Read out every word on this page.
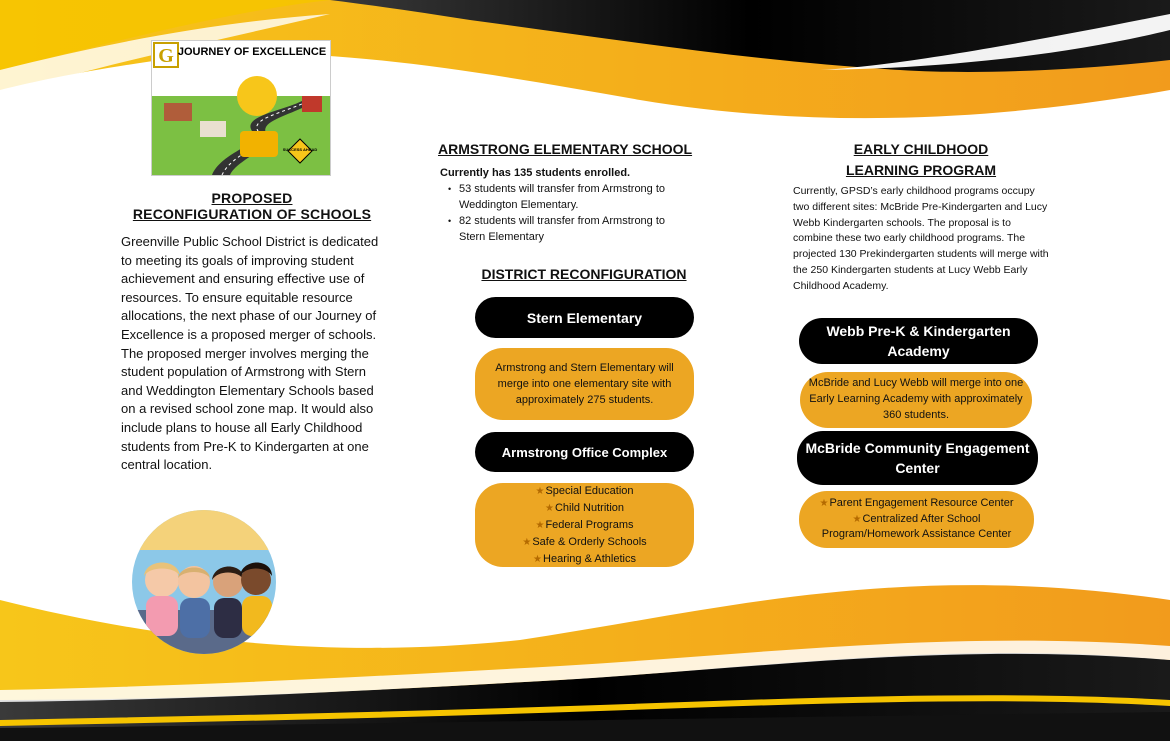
G JOURNEY OF EXCELLENCE
SUCCESS AHEAD
PROPOSED
RECONFIGURATION OF SCHOOLS
Greenville Public School District is dedicated to meeting its goals of improving student achievement and ensuring effective use of resources. To ensure equitable resource allocations, the next phase of our Journey of Excellence is a proposed merger of schools. The proposed merger involves merging the student population of Armstrong with Stern and Weddington Elementary Schools based on a revised school zone map. It would also include plans to house all Early Childhood students from Pre-K to Kindergarten at one central location.
ARMSTRONG ELEMENTARY SCHOOL
Currently has 135 students enrolled.
• 53 students will transfer from Armstrong to Weddington Elementary.
• 82 students will transfer from Armstrong to Stern Elementary
DISTRICT RECONFIGURATION
Stern Elementary
Armstrong and Stern Elementary will merge into one elementary site with approximately 275 students.
Armstrong Office Complex
★Special Education
★Child Nutrition
★Federal Programs
★Safe & Orderly Schools
★Hearing & Athletics
EARLY CHILDHOOD
LEARNING PROGRAM
Currently, GPSD’s early childhood programs occupy two different sites: McBride Pre-Kindergarten and Lucy Webb Kindergarten schools. The proposal is to combine these two early childhood programs. The projected 130 Prekindergarten students will merge with the 250 Kindergarten students at Lucy Webb Early Childhood Academy.
Webb Pre-K & Kindergarten Academy
McBride and Lucy Webb will merge into one Early Learning Academy with approximately 360 students.
McBride Community Engagement Center
★Parent Engagement Resource Center
★Centralized After School Program/Homework Assistance Center
